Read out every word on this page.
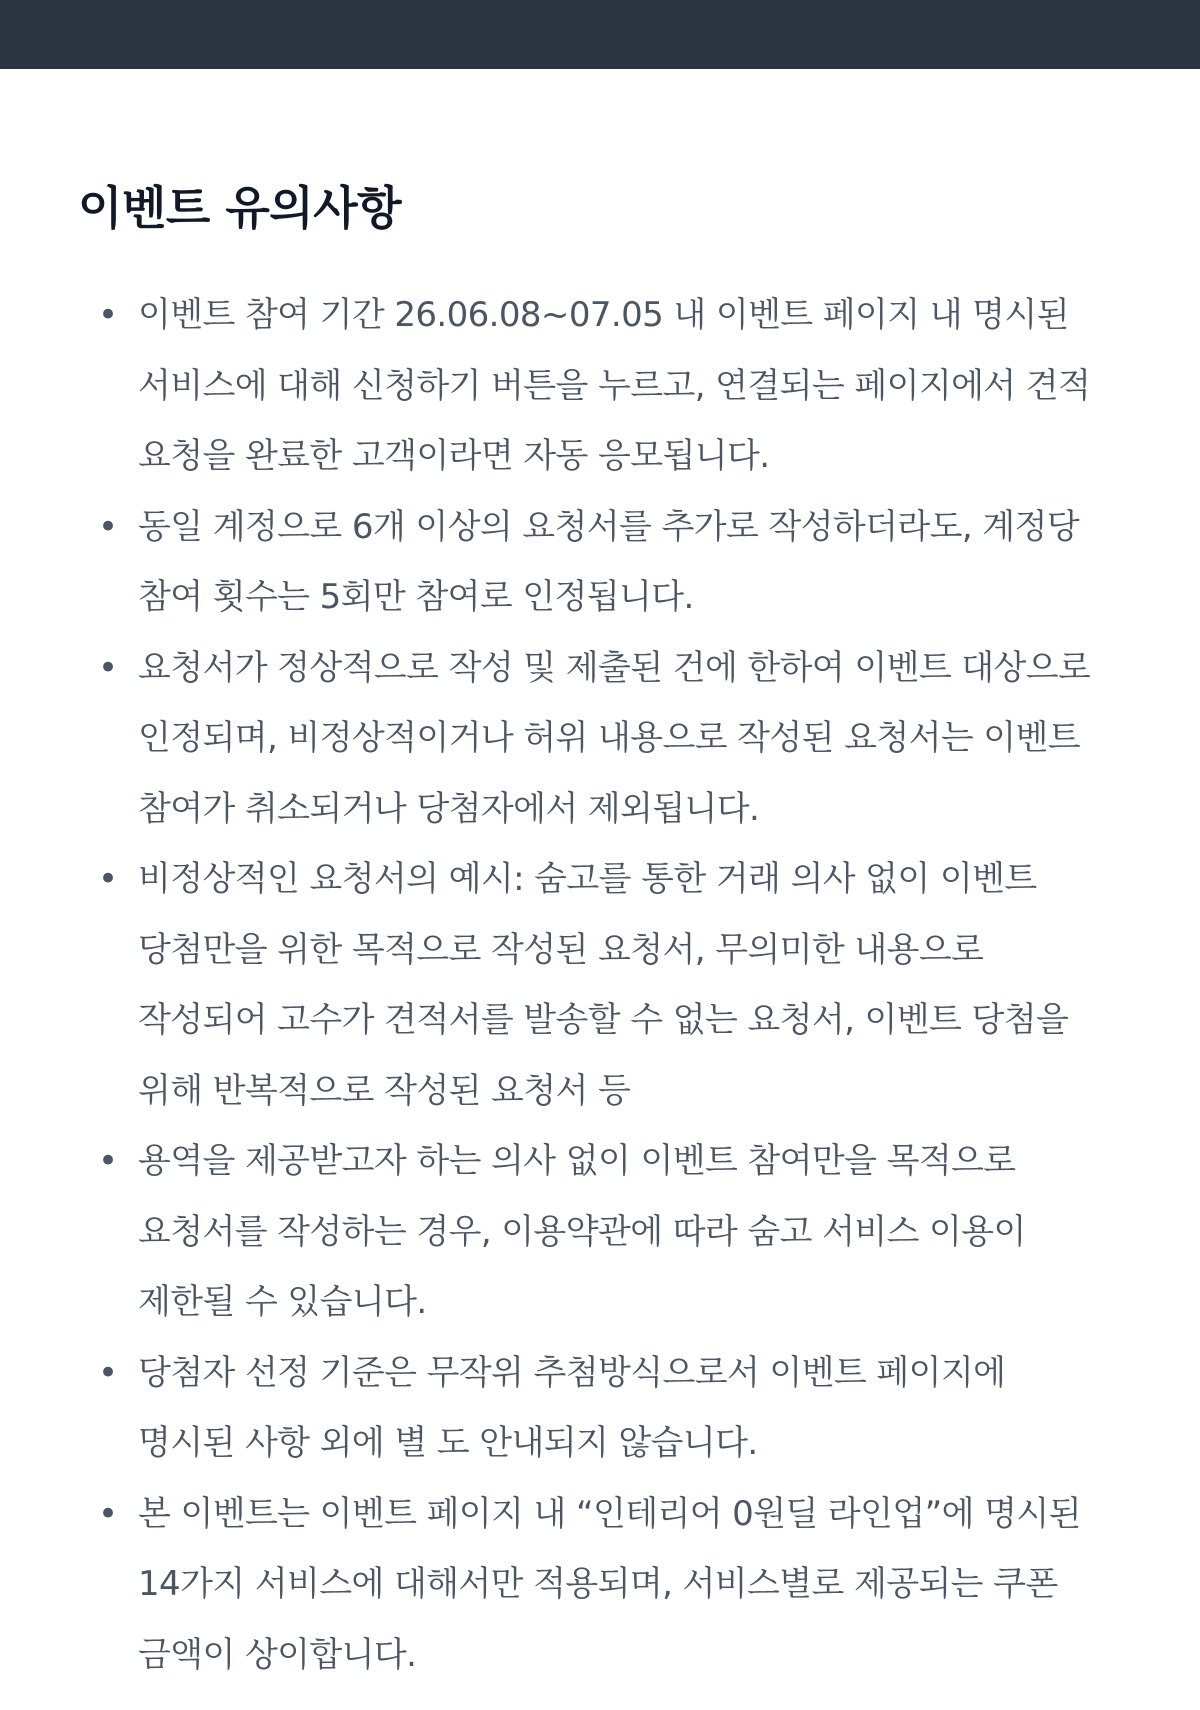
이벤트 유의사항
• 이벤트 참여 기간 26.06.08~07.05 내 이벤트 페이지 내 명시된 서비스에 대해 신청하기 버튼을 누르고, 연결되는 페이지에서 견적 요청을 완료한 고객이라면 자동 응모됩니다.
• 동일 계정으로 6개 이상의 요청서를 추가로 작성하더라도, 계정당 참여 횟수는 5회만 참여로 인정됩니다.
• 요청서가 정상적으로 작성 및 제출된 건에 한하여 이벤트 대상으로 인정되며, 비정상적이거나 허위 내용으로 작성된 요청서는 이벤트 참여가 취소되거나 당첨자에서 제외됩니다.
• 비정상적인 요청서의 예시: 숨고를 통한 거래 의사 없이 이벤트 당첨만을 위한 목적으로 작성된 요청서, 무의미한 내용으로 작성되어 고수가 견적서를 발송할 수 없는 요청서, 이벤트 당첨을 위해 반복적으로 작성된 요청서 등
• 용역을 제공받고자 하는 의사 없이 이벤트 참여만을 목적으로 요청서를 작성하는 경우, 이용약관에 따라 숨고 서비스 이용이 제한될 수 있습니다.
• 당첨자 선정 기준은 무작위 추첨방식으로서 이벤트 페이지에 명시된 사항 외에 별 도 안내되지 않습니다.
• 본 이벤트는 이벤트 페이지 내 “인테리어 0원딜 라인업”에 명시된 14가지 서비스에 대해서만 적용되며, 서비스별로 제공되는 쿠폰 금액이 상이합니다.
